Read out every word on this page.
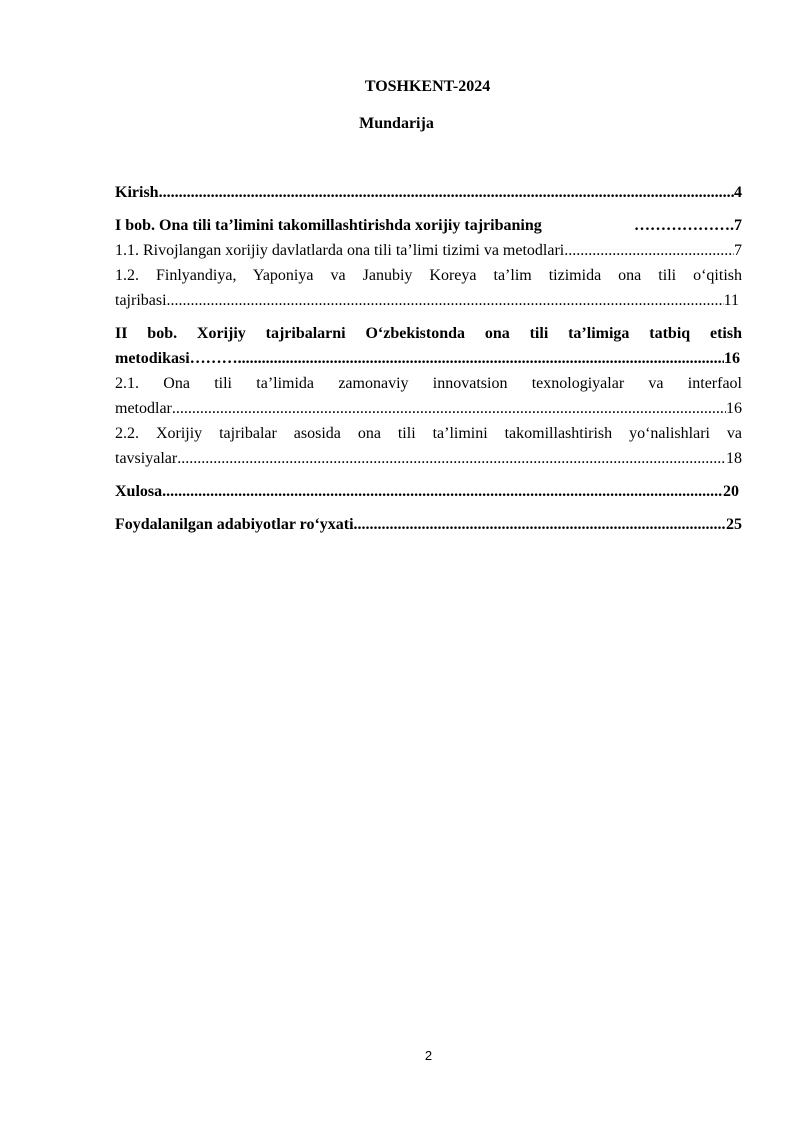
TOSHKENT-2024
Mundarija
Kirish .....	4
I bob. Ona tili ta’limini takomillashtirishda xorijiy tajribaning	………………. 7
1.1. Rivojlangan xorijiy davlatlarda ona tili ta’limi tizimi va metodlari .....	7
1.2. Finlyandiya, Yaponiya va Janubiy Koreya ta’lim tizimida ona tili o‘qitish
tajribasi .....	11
II bob. Xorijiy tajribalarni O‘zbekistonda ona tili ta’limiga tatbiq etish
metodikasi ……… .....	16
2.1. Ona tili ta’limida zamonaviy innovatsion texnologiyalar va interfaol
metodlar .....	16
2.2. Xorijiy tajribalar asosida ona tili ta’limini takomillashtirish yo‘nalishlari va
tavsiyalar .....	18
Xulosa .....	20
Foydalanilgan adabiyotlar ro‘yxati .....	25
2
